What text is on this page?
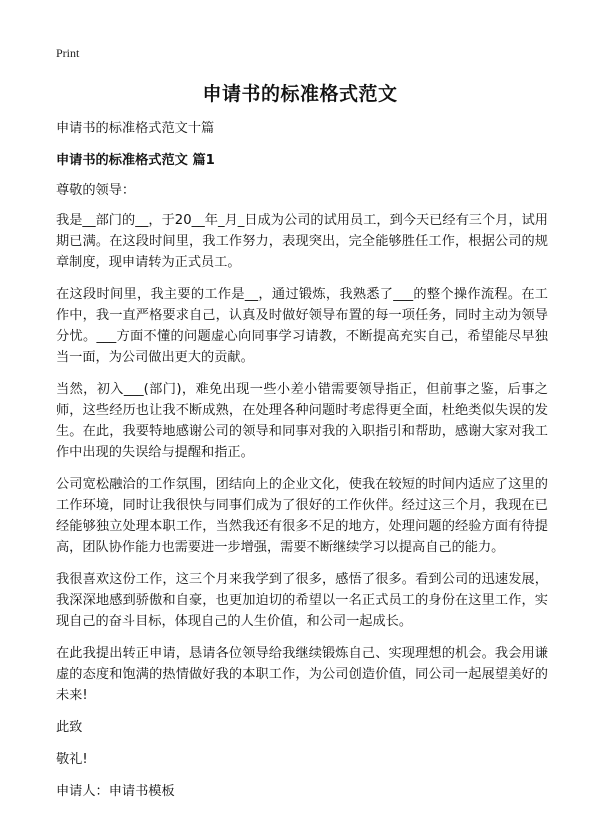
Print
申请书的标准格式范文

申请书的标准格式范文十篇

申请书的标准格式范文 篇1

尊敬的领导：

我是__部门的__，于20__年_月_日成为公司的试用员工，到今天已经有三个月，试用期已满。在这段时间里，我工作努力，表现突出，完全能够胜任工作，根据公司的规章制度，现申请转为正式员工。

在这段时间里，我主要的工作是__，通过锻炼，我熟悉了___的整个操作流程。在工作中，我一直严格要求自己，认真及时做好领导布置的每一项任务，同时主动为领导分忧。___方面不懂的问题虚心向同事学习请教，不断提高充实自己，希望能尽早独当一面，为公司做出更大的贡献。

当然，初入___(部门)，难免出现一些小差小错需要领导指正，但前事之鉴，后事之师，这些经历也让我不断成熟，在处理各种问题时考虑得更全面，杜绝类似失误的发生。在此，我要特地感谢公司的领导和同事对我的入职指引和帮助，感谢大家对我工作中出现的失误给与提醒和指正。

公司宽松融洽的工作氛围，团结向上的企业文化，使我在较短的时间内适应了这里的工作环境，同时让我很快与同事们成为了很好的工作伙伴。经过这三个月，我现在已经能够独立处理本职工作，当然我还有很多不足的地方，处理问题的经验方面有待提高，团队协作能力也需要进一步增强，需要不断继续学习以提高自己的能力。

我很喜欢这份工作，这三个月来我学到了很多，感悟了很多。看到公司的迅速发展，我深深地感到骄傲和自豪，也更加迫切的希望以一名正式员工的身份在这里工作，实现自己的奋斗目标，体现自己的人生价值，和公司一起成长。

在此我提出转正申请，恳请各位领导给我继续锻炼自己、实现理想的机会。我会用谦虚的态度和饱满的热情做好我的本职工作，为公司创造价值，同公司一起展望美好的未来!

此致

敬礼!

申请人：申请书模板
